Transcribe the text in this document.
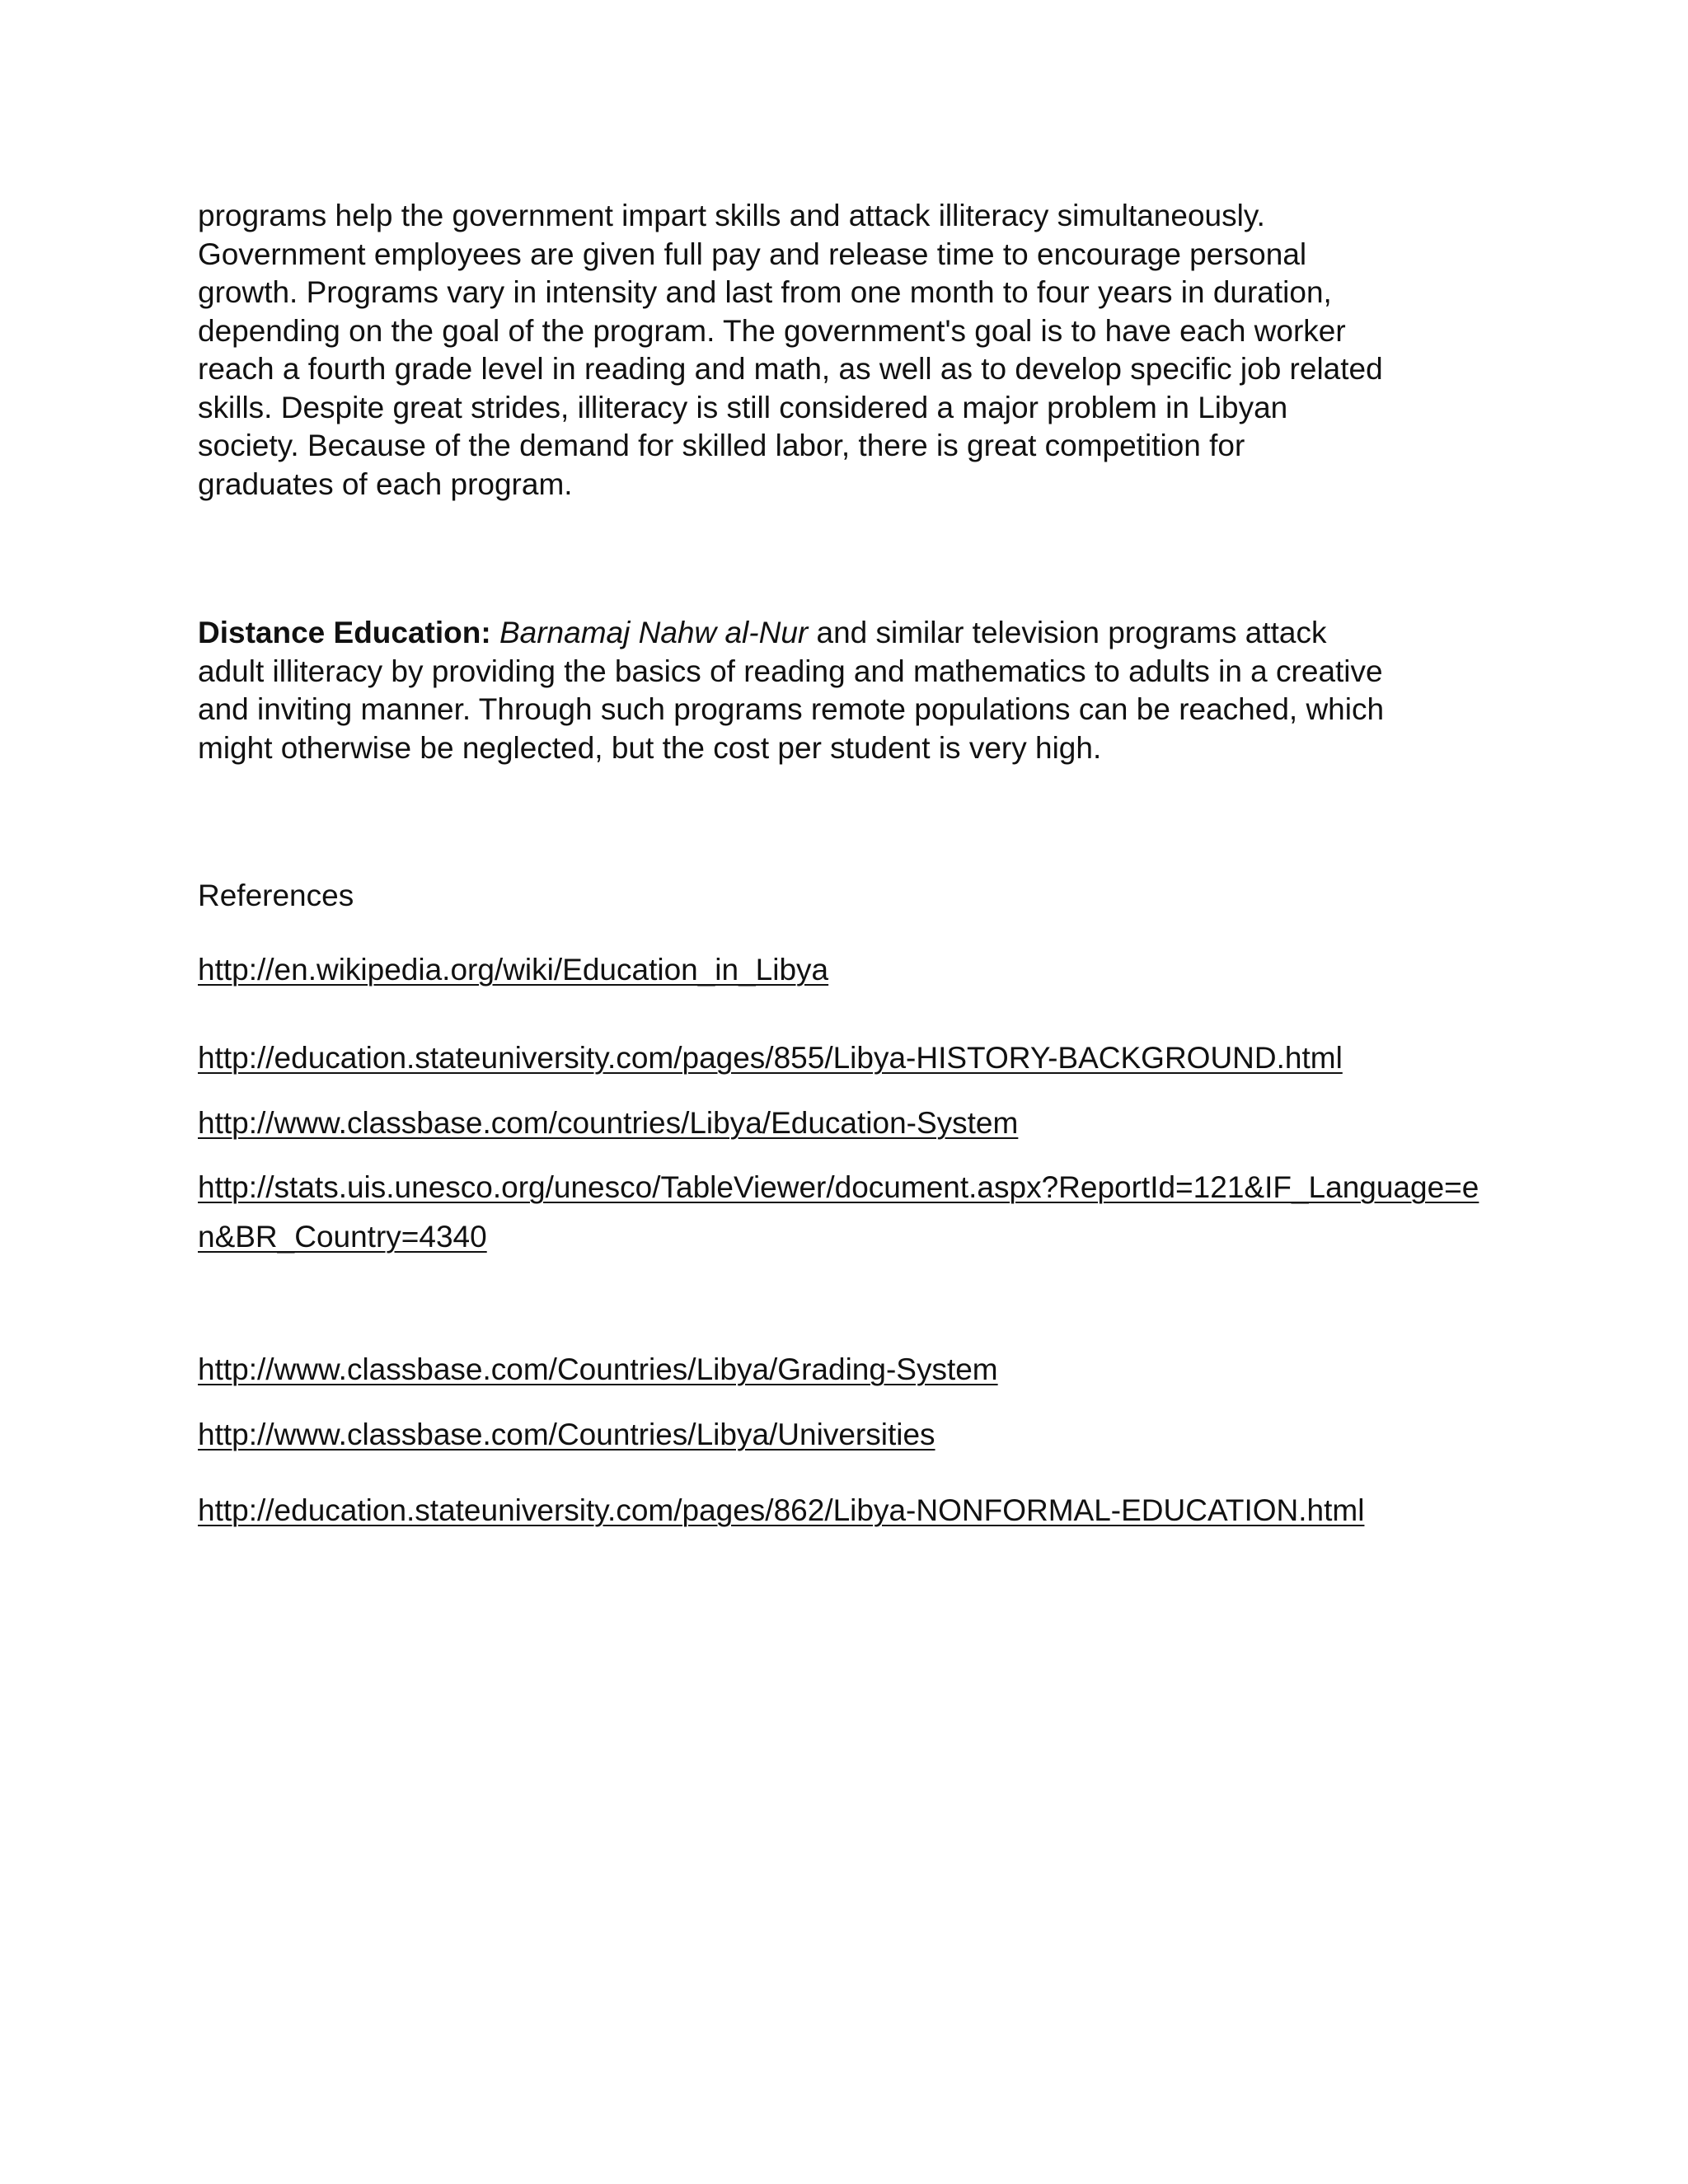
programs help the government impart skills and attack illiteracy simultaneously.
Government employees are given full pay and release time to encourage personal
growth. Programs vary in intensity and last from one month to four years in duration,
depending on the goal of the program. The government's goal is to have each worker
reach a fourth grade level in reading and math, as well as to develop specific job related
skills. Despite great strides, illiteracy is still considered a major problem in Libyan
society. Because of the demand for skilled labor, there is great competition for
graduates of each program.
Distance Education: Barnamaj Nahw al-Nur and similar television programs attack
adult illiteracy by providing the basics of reading and mathematics to adults in a creative
and inviting manner. Through such programs remote populations can be reached, which
might otherwise be neglected, but the cost per student is very high.
References
http://en.wikipedia.org/wiki/Education_in_Libya
http://education.stateuniversity.com/pages/855/Libya-HISTORY-BACKGROUND.html
http://www.classbase.com/countries/Libya/Education-System
http://stats.uis.unesco.org/unesco/TableViewer/document.aspx?ReportId=121&IF_Language=en&BR_Country=4340
http://www.classbase.com/Countries/Libya/Grading-System
http://www.classbase.com/Countries/Libya/Universities
http://education.stateuniversity.com/pages/862/Libya-NONFORMAL-EDUCATION.html
